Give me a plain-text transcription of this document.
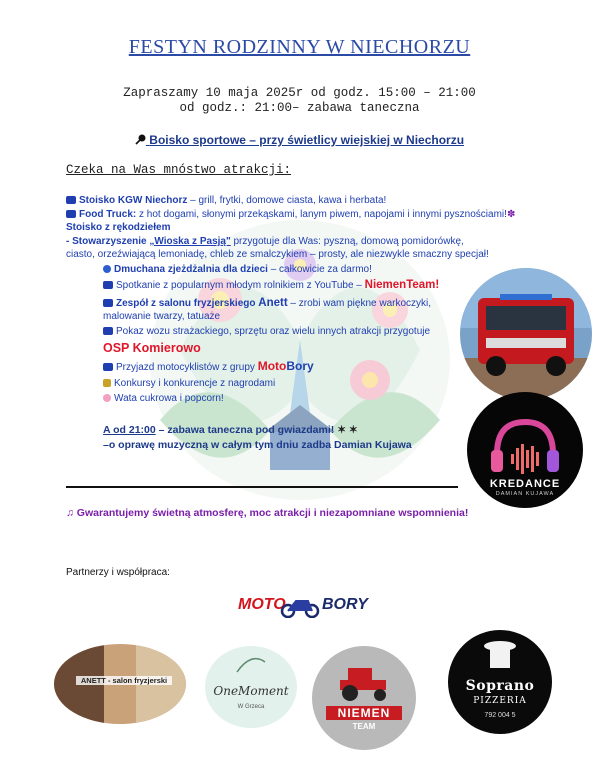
FESTYN RODZINNY W NIECHORZU
Zapraszamy 10 maja 2025r od godz. 15:00 – 21:00
od godz.: 21:00– zabawa taneczna
Boisko sportowe – przy świetlicy wiejskiej w Niechorzu
Czeka na Was mnóstwo atrakcji:
Stoisko KGW Niechorz – grill, frytki, domowe ciasta, kawa i herbata!
Food Truck: z hot dogami, słonymi przekąskami, lanym piwem, napojami i innymi pysznościami!✽
Stoisko z rękodziełem
- Stowarzyszenie „Wioska z Pasją" przygotuje dla Was: pyszną, domową pomidorówkę, ciasto, orzeźwiającą lemoniadę, chleb ze smalczykiem – prosty, ale niezwykle smaczny specjał!
Dmuchana zjeżdżalnia dla dzieci – całkowicie za darmo!
Spotkanie z popularnym młodym rolnikiem z YouTube – NiemenTeam!
Zespół z salonu fryzjerskiego Anett – zrobi wam piękne warkoczyki, malowanie twarzy, tatuaże
Pokaz wozu strażackiego, sprzętu oraz wielu innych atrakcji przygotuje
OSP Komierowo
Przyjazd motocyklistów z grupy MotoBory
Konkursy i konkurencje z nagrodami
Wata cukrowa i popcorn!
A od 21:00 – zabawa taneczna pod gwiazdami! ✶ ✶
–o oprawę muzyczną w całym tym dniu zadba Damian Kujawa
KREDANCE
DAMIAN KUJAWA
♫ Gwarantujemy świetną atmosferę, moc atrakcji i niezapomniane wspomnienia!
Partnerzy i współpraca:
MOTO BORY
ANETT - salon fryzjerski
OneMoment
W Grzeca	NIEMEN
TEAM
Soprano
PIZZERIA
792 004 5
